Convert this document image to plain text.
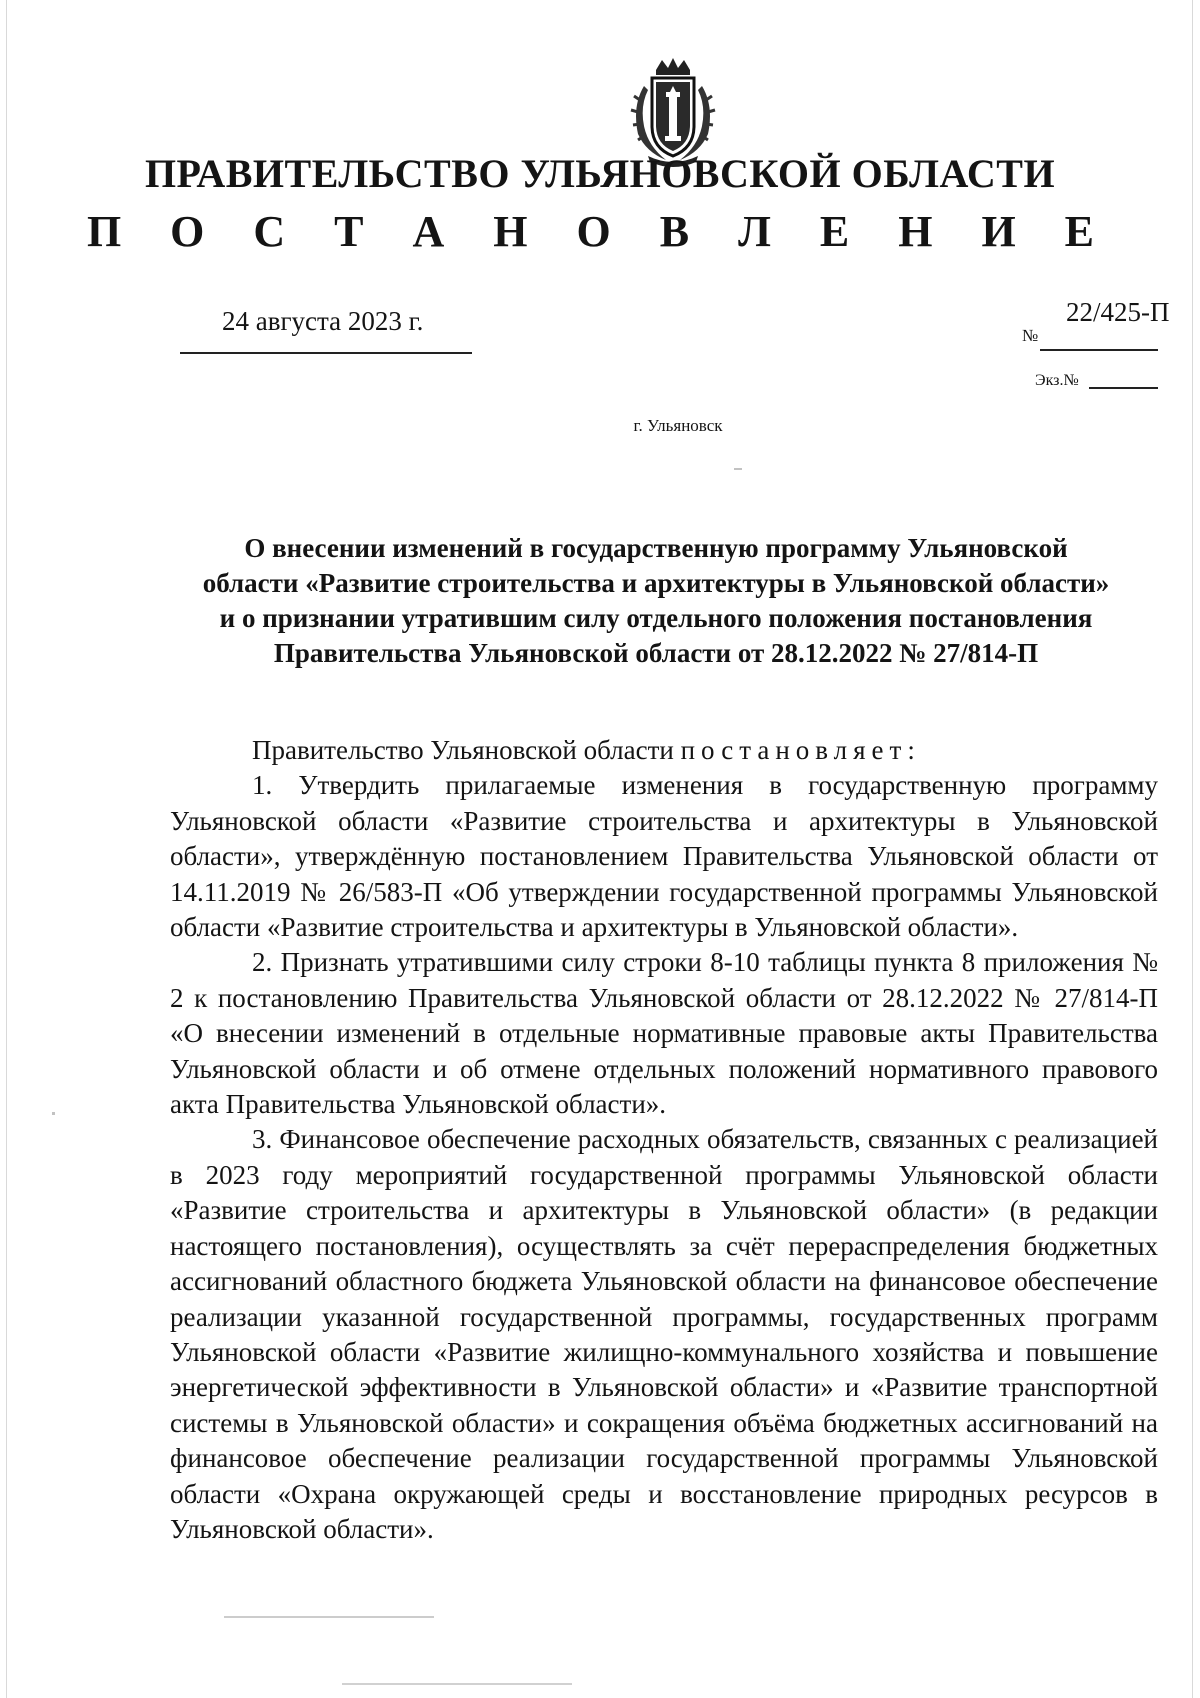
ПРАВИТЕЛЬСТВО УЛЬЯНОВСКОЙ ОБЛАСТИ
П О С Т А Н О В Л Е Н И Е
24 августа 2023 г.	22/425-П
№
Экз.№
г. Ульяновск
О внесении изменений в государственную программу Ульяновской
области «Развитие строительства и архитектуры в Ульяновской области»
и о признании утратившим силу отдельного положения постановления
Правительства Ульяновской области от 28.12.2022 № 27/814-П

Правительство Ульяновской области постановляет:

1. Утвердить прилагаемые изменения в государственную программу Ульяновской области «Развитие строительства и архитектуры в Ульяновской области», утверждённую постановлением Правительства Ульяновской области от 14.11.2019 № 26/583-П «Об утверждении государственной программы Ульяновской области «Развитие строительства и архитектуры в Ульяновской области».

2. Признать утратившими силу строки 8-10 таблицы пункта 8 приложения № 2 к постановлению Правительства Ульяновской области от 28.12.2022 № 27/814-П «О внесении изменений в отдельные нормативные правовые акты Правительства Ульяновской области и об отмене отдельных положений нормативного правового акта Правительства Ульяновской области».

3. Финансовое обеспечение расходных обязательств, связанных с реализацией в 2023 году мероприятий государственной программы Ульяновской области «Развитие строительства и архитектуры в Ульяновской области» (в редакции настоящего постановления), осуществлять за счёт перераспределения бюджетных ассигнований областного бюджета Ульяновской области на финансовое обеспечение реализации указанной государственной программы, государственных программ Ульяновской области «Развитие жилищно-коммунального хозяйства и повышение энергетической эффективности в Ульяновской области» и «Развитие транспортной системы в Ульяновской области» и сокращения объёма бюджетных ассигнований на финансовое обеспечение реализации государственной программы Ульяновской области «Охрана окружающей среды и восстановление природных ресурсов в Ульяновской области».
